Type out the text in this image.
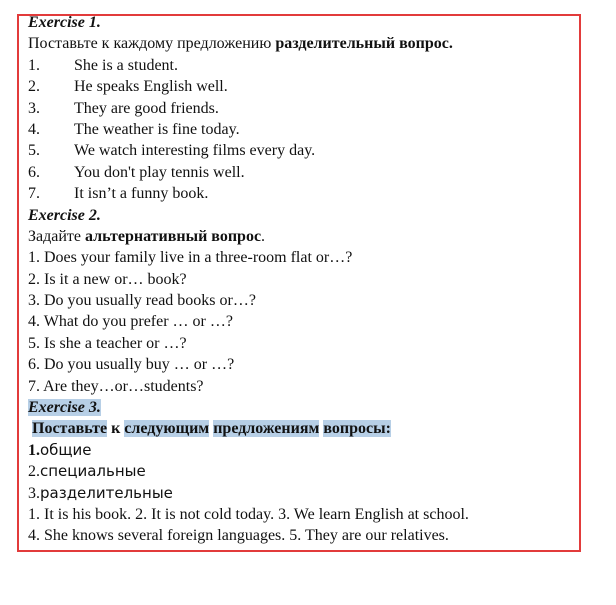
Exercise 1.
Поставьте к каждому предложению разделительный вопрос.
1. She is a student.
2. He speaks English well.
3. They are good friends.
4. The weather is fine today.
5. We watch interesting films every day.
6. You don't play tennis well.
7. It isn’t a funny book.
Exercise 2.
Задайте альтернативный вопрос.
1. Does your family live in a three-room flat or…?
2. Is it a new or… book?
3. Do you usually read books or…?
4. What do you prefer … or …?
5. Is she a teacher or …?
6. Do you usually buy … or …?
7. Are they…or…students?
Exercise 3.
Поставьте к следующим предложениям вопросы:
1.общие
2.специальные
3.разделительные
1. It is his book. 2. It is not cold today. 3. We learn English at school.
4. She knows several foreign languages. 5. They are our relatives.
